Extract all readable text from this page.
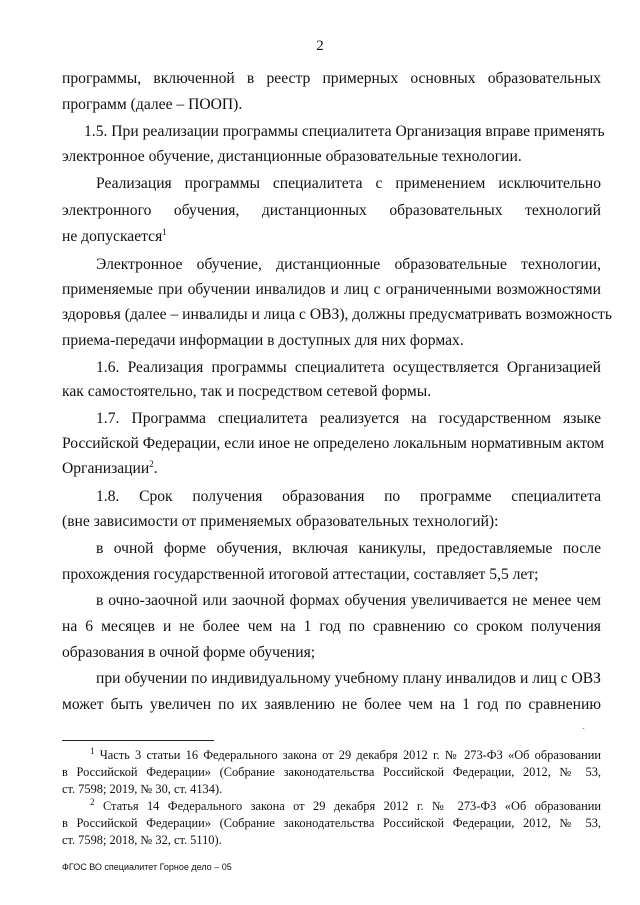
2
программы, включенной в реестр примерных основных образовательных
программ (далее – ПООП).
1.5. При реализации программы специалитета Организация вправе применять
электронное обучение, дистанционные образовательные технологии.
Реализация программы специалитета с применением исключительно
электронного обучения, дистанционных образовательных технологий
не допускается$^1$
Электронное обучение, дистанционные образовательные технологии,
применяемые при обучении инвалидов и лиц с ограниченными возможностями
здоровья (далее – инвалиды и лица с ОВЗ), должны предусматривать возможность
приема-передачи информации в доступных для них формах.
1.6. Реализация программы специалитета осуществляется Организацией
как самостоятельно, так и посредством сетевой формы.
1.7. Программа специалитета реализуется на государственном языке
Российской Федерации, если иное не определено локальным нормативным актом
Организации$^2$.
1.8. Срок получения образования по программе специалитета
(вне зависимости от применяемых образовательных технологий):
в очной форме обучения, включая каникулы, предоставляемые после
прохождения государственной итоговой аттестации, составляет 5,5 лет;
в очно-заочной или заочной формах обучения увеличивается не менее чем
на 6 месяцев и не более чем на 1 год по сравнению со сроком получения
образования в очной форме обучения;
при обучении по индивидуальному учебному плану инвалидов и лиц с ОВЗ
может быть увеличен по их заявлению не более чем на 1 год по сравнению
$^1$ Часть 3 статьи 16 Федерального закона от 29 декабря 2012 г. № 273-ФЗ «Об образовании
в Российской Федерации» (Собрание законодательства Российской Федерации, 2012, № 53,
ст. 7598; 2019, № 30, ст. 4134).
$^2$ Статья 14 Федерального закона от 29 декабря 2012 г. № 273-ФЗ «Об образовании
в Российской Федерации» (Собрание законодательства Российской Федерации, 2012, № 53,
ст. 7598; 2018, № 32, ст. 5110).
ˏ
ФГОС ВО специалитет Горное дело – 05
